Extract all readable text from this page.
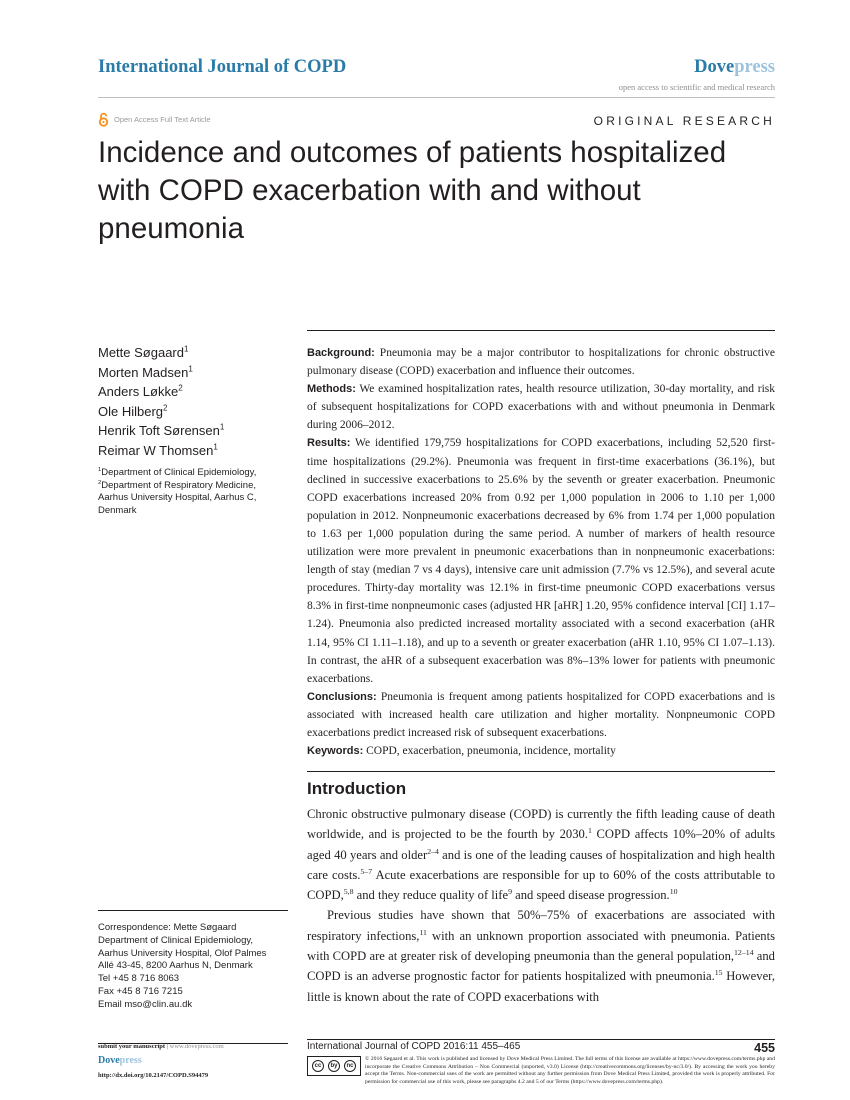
International Journal of COPD	Dovepress
open access to scientific and medical research
Open Access Full Text Article	ORIGINAL RESEARCH
Incidence and outcomes of patients hospitalized with COPD exacerbation with and without pneumonia
Mette Søgaard$^1$
Morten Madsen$^1$
Anders Løkke$^2$
Ole Hilberg$^2$
Henrik Toft Sørensen$^1$
Reimar W Thomsen$^1$
$^1$Department of Clinical Epidemiology, $^2$Department of Respiratory Medicine, Aarhus University Hospital, Aarhus C, Denmark

Background: Pneumonia may be a major contributor to hospitalizations for chronic obstructive pulmonary disease (COPD) exacerbation and influence their outcomes.

Methods: We examined hospitalization rates, health resource utilization, 30-day mortality, and risk of subsequent hospitalizations for COPD exacerbations with and without pneumonia in Denmark during 2006–2012.

Results: We identified 179,759 hospitalizations for COPD exacerbations, including 52,520 first-time hospitalizations (29.2%). Pneumonia was frequent in first-time exacerbations (36.1%), but declined in successive exacerbations to 25.6% by the seventh or greater exacerbation. Pneumonic COPD exacerbations increased 20% from 0.92 per 1,000 population in 2006 to 1.10 per 1,000 population in 2012. Nonpneumonic exacerbations decreased by 6% from 1.74 per 1,000 population to 1.63 per 1,000 population during the same period. A number of markers of health resource utilization were more prevalent in pneumonic exacerbations than in nonpneumonic exacerbations: length of stay (median 7 vs 4 days), intensive care unit admission (7.7% vs 12.5%), and several acute procedures. Thirty-day mortality was 12.1% in first-time pneumonic COPD exacerbations versus 8.3% in first-time nonpneumonic cases (adjusted HR [aHR] 1.20, 95% confidence interval [CI] 1.17–1.24). Pneumonia also predicted increased mortality associated with a second exacerbation (aHR 1.14, 95% CI 1.11–1.18), and up to a seventh or greater exacerbation (aHR 1.10, 95% CI 1.07–1.13). In contrast, the aHR of a subsequent exacerbation was 8%–13% lower for patients with pneumonic exacerbations.

Conclusions: Pneumonia is frequent among patients hospitalized for COPD exacerbations and is associated with increased health care utilization and higher mortality. Nonpneumonic COPD exacerbations predict increased risk of subsequent exacerbations.

Keywords: COPD, exacerbation, pneumonia, incidence, mortality

Introduction

Chronic obstructive pulmonary disease (COPD) is currently the fifth leading cause of death worldwide, and is projected to be the fourth by 2030.$^1$ COPD affects 10%–20% of adults aged 40 years and older$^{2-4}$ and is one of the leading causes of hospitalization and high health care costs.$^{5-7}$ Acute exacerbations are responsible for up to 60% of the costs attributable to COPD,$^{5,8}$ and they reduce quality of life$^9$ and speed disease progression.$^{10}$

Previous studies have shown that 50%–75% of exacerbations are associated with respiratory infections,$^{11}$ with an unknown proportion associated with pneumonia. Patients with COPD are at greater risk of developing pneumonia than the general population,$^{12-14}$ and COPD is an adverse prognostic factor for patients hospitalized with pneumonia.$^{15}$ However, little is known about the rate of COPD exacerbations with

Correspondence: Mette Søgaard
Department of Clinical Epidemiology,
Aarhus University Hospital, Olof Palmes
Allé 43-45, 8200 Aarhus N, Denmark
Tel +45 8 716 8063
Fax +45 8 716 7215
Email mso@clin.au.dk
submit your manuscript | www.dovepress.com
Dovepress
http://dx.doi.org/10.2147/COPD.S94479
International Journal of COPD 2016:11 455–465	455
cc	by	nc
© 2016 Søgaard et al. This work is published and licensed by Dove Medical Press Limited. The full terms of this license are available at https://www.dovepress.com/terms.php and incorporate the Creative Commons Attribution – Non Commercial (unported, v3.0) License (http://creativecommons.org/licenses/by-nc/3.0/). By accessing the work you hereby accept the Terms. Non-commercial uses of the work are permitted without any further permission from Dove Medical Press Limited, provided the work is properly attributed. For permission for commercial use of this work, please see paragraphs 4.2 and 5 of our Terms (https://www.dovepress.com/terms.php).
